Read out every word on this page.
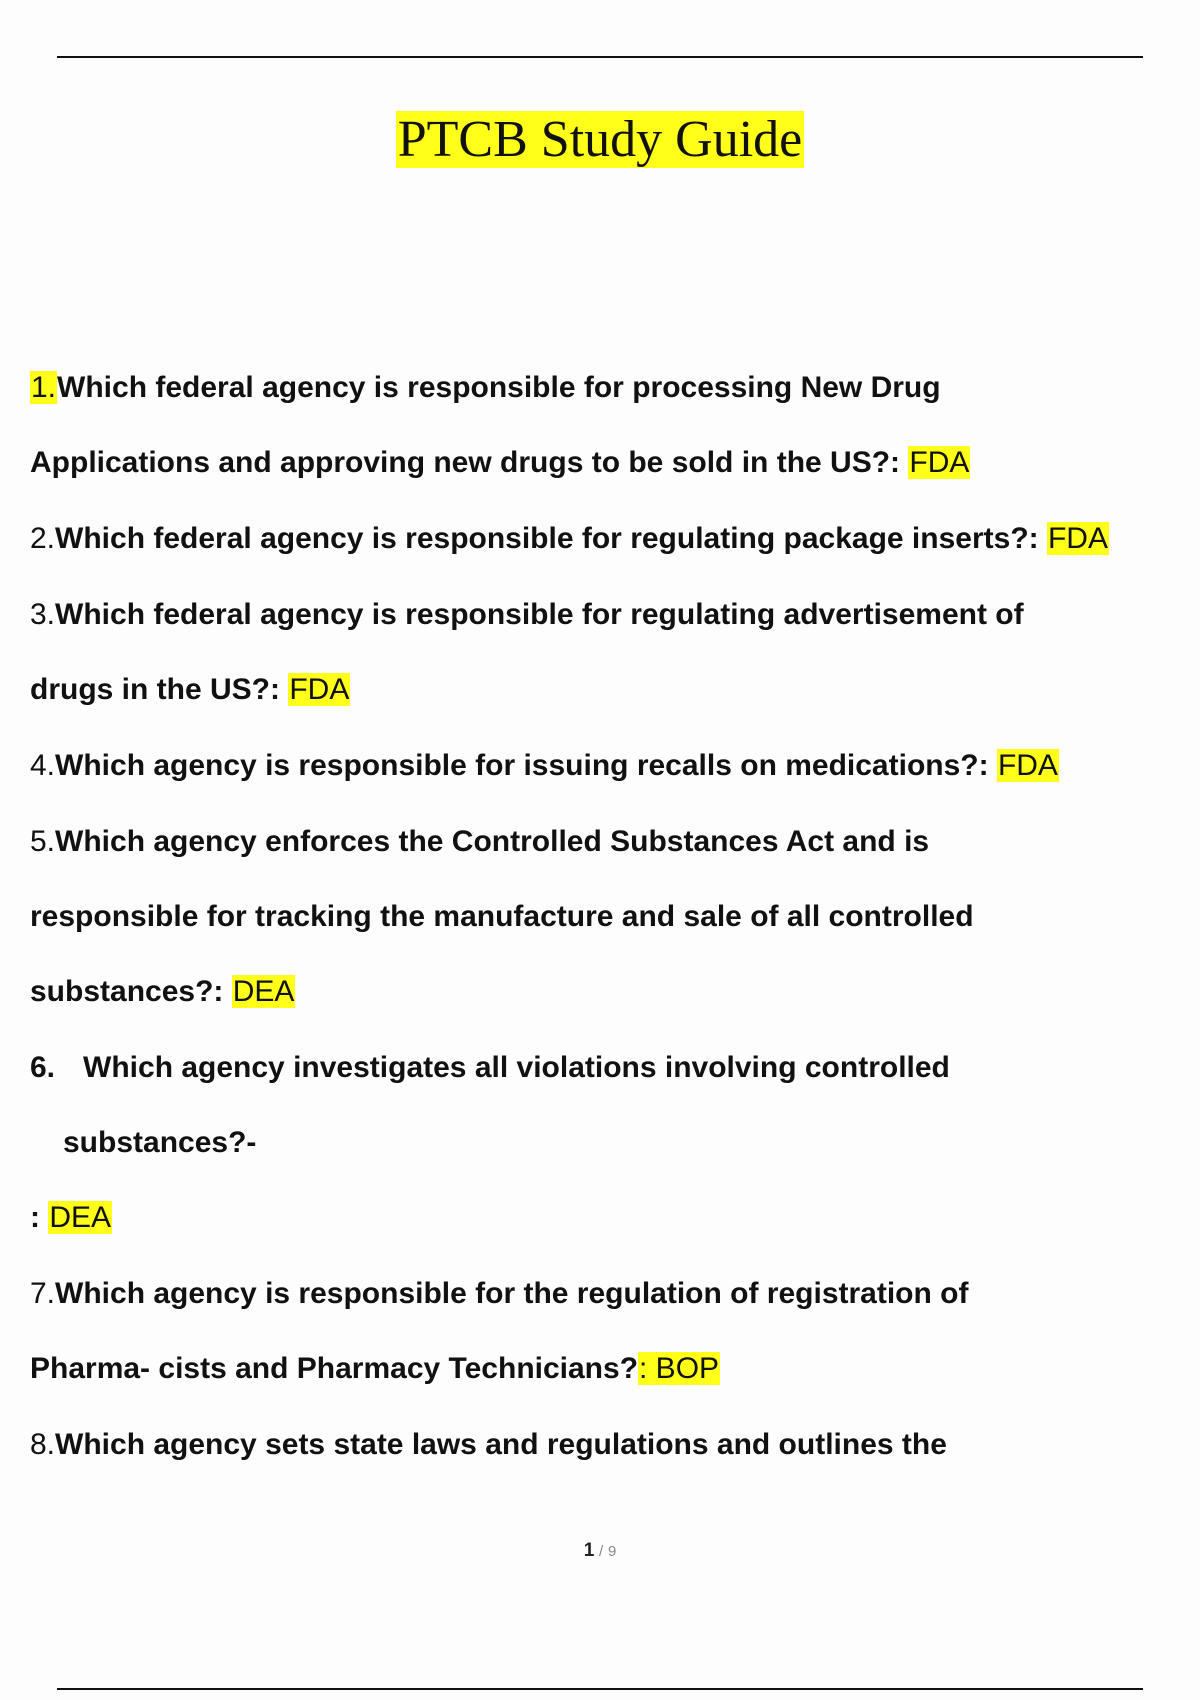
PTCB Study Guide
1.Which federal agency is responsible for processing New Drug
Applications and approving new drugs to be sold in the US?: FDA
2.Which federal agency is responsible for regulating package inserts?: FDA
3.Which federal agency is responsible for regulating advertisement of
drugs in the US?: FDA
4.Which agency is responsible for issuing recalls on medications?: FDA
5.Which agency enforces the Controlled Substances Act and is
responsible for tracking the manufacture and sale of all controlled
substances?: DEA
6. Which agency investigates all violations involving controlled
substances?-
: DEA
7.Which agency is responsible for the regulation of registration of
Pharma- cists and Pharmacy Technicians?: BOP
8.Which agency sets state laws and regulations and outlines the
1 / 9
